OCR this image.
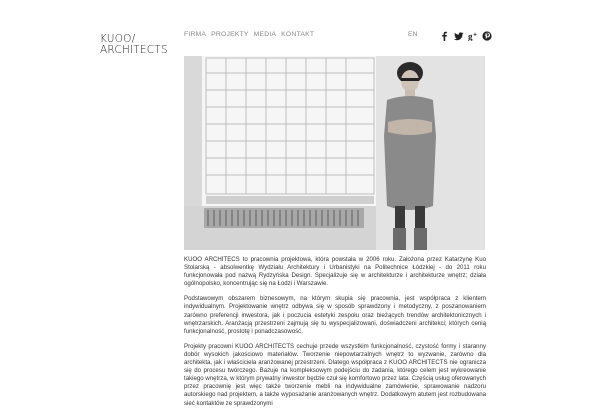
KUOO/
ARCHITECTS
FIRMA PROJEKTY MEDIA KONTAKT	EN	g +

KUOO ARCHITECS to pracownia projektowa, która powstała w 2006 roku. Założona przez Katarzynę Kuo Stolarską - absolwentkę Wydziału Architektury i Urbanistyki na Politechnice Łódzkiej - do 2011 roku funkcjonowała pod nazwą Rydzyńska Design. Specjalizuje się w architekturze i architekturze wnętrz; działa ogólnopolsko, koncentrując się na Łodzi i Warszawie.

Podstawowym obszarem biznesowym, na którym skupia się pracownia, jest współpraca z klientem indywidualnym. Projektowanie wnętrz odbywa się w sposób sprawdzony i metodyczny, z poszanowaniem zarówno preferencji inwestora, jak i poczucia estetyki zespołu oraz bieżących trendów architektonicznych i wnętrzarskich. Aranżacją przestrzeni zajmują się tu wyspecjalizowani, doświadczeni architekci; których cenią funkcjonalność, prostotę i ponadczasowość.

Projekty pracowni KUOO ARCHITECTS cechuje przede wszystkim funkcjonalność, czystość formy i staranny dobór wysokich jakościowo materiałów. Tworzenie niepowtarzalnych wnętrz to wyzwanie, zarówno dla architekta, jak i właściciela aranżowanej przestrzeni. Dlatego współpraca z KUOO ARCHITECTS nie ogranicza się do procesu twórczego. Bazuje na kompleksowym podejściu do zadania, którego celem jest wykreowanie takiego wnętrza, w którym prywatny inwestor będzie czuł się komfortowo przez lata. Częścią usług oferowanych przez pracownię jest więc także tworzenie mebli na indywidualne zamówienie, sprawowanie nadzoru autorskiego nad projektem, a także wyposażanie aranżowanych wnętrz. Dodatkowym atutem jest rozbudowana sieć kontaktów ze sprawdzonymi
